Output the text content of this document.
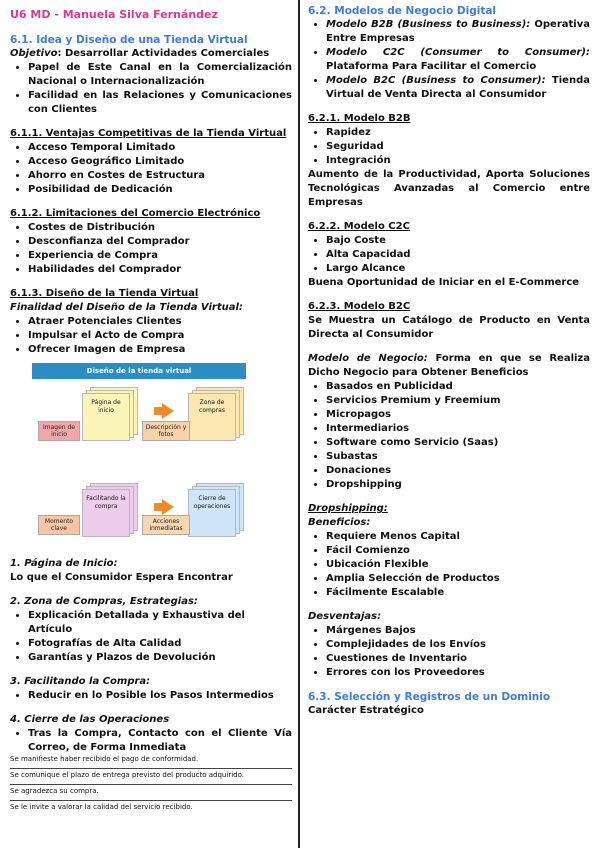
U6 MD - Manuela Silva Fernández

6.1. Idea y Diseño de una Tienda Virtual

Objetivo: Desarrollar Actividades Comerciales

• Papel de Este Canal en la Comercialización Nacional o Internacionalización
• Facilidad en las Relaciones y Comunicaciones con Clientes

6.1.1. Ventajas Competitivas de la Tienda Virtual

• Acceso Temporal Limitado
• Acceso Geográfico Limitado
• Ahorro en Costes de Estructura
• Posibilidad de Dedicación

6.1.2. Limitaciones del Comercio Electrónico

• Costes de Distribución
• Desconfianza del Comprador
• Experiencia de Compra
• Habilidades del Comprador

6.1.3. Diseño de la Tienda Virtual

Finalidad del Diseño de la Tienda Virtual:

• Atraer Potenciales Clientes
• Impulsar el Acto de Compra
• Ofrecer Imagen de Empresa
Diseño de la tienda virtual
Página de inicio
Imagen de inicio
Zona de compras
Descripción y fotos
Facilitando la compra
Momento clave
Cierre de operaciones
Acciones inmediatas

1. Página de Inicio:

Lo que el Consumidor Espera Encontrar

2. Zona de Compras, Estrategias:

• Explicación Detallada y Exhaustiva del Artículo
• Fotografías de Alta Calidad
• Garantías y Plazos de Devolución

3. Facilitando la Compra:

• Reducir en lo Posible los Pasos Intermedios

4. Cierre de las Operaciones

• Tras la Compra, Contacto con el Cliente Vía Correo, de Forma Inmediata

Se manifieste haber recibido el pago de conformidad.

Se comunique el plazo de entrega previsto del producto adquirido.

Se agradezca su compra.

Se le invite a valorar la calidad del servicio recibido.

6.2. Modelos de Negocio Digital

• Modelo B2B (Business to Business): Operativa Entre Empresas
• Modelo C2C (Consumer to Consumer): Plataforma Para Facilitar el Comercio
• Modelo B2C (Business to Consumer): Tienda Virtual de Venta Directa al Consumidor

6.2.1. Modelo B2B

• Rapidez
• Seguridad
• Integración

Aumento de la Productividad, Aporta Soluciones Tecnológicas Avanzadas al Comercio entre Empresas

6.2.2. Modelo C2C

• Bajo Coste
• Alta Capacidad
• Largo Alcance

Buena Oportunidad de Iniciar en el E-Commerce

6.2.3. Modelo B2C

Se Muestra un Catálogo de Producto en Venta Directa al Consumidor

Modelo de Negocio: Forma en que se Realiza Dicho Negocio para Obtener Beneficios

• Basados en Publicidad
• Servicios Premium y Freemium
• Micropagos
• Intermediarios
• Software como Servicio (Saas)
• Subastas
• Donaciones
• Dropshipping

Dropshipping:

Beneficios:

• Requiere Menos Capital
• Fácil Comienzo
• Ubicación Flexible
• Amplia Selección de Productos
• Fácilmente Escalable

Desventajas:

• Márgenes Bajos
• Complejidades de los Envíos
• Cuestiones de Inventario
• Errores con los Proveedores

6.3. Selección y Registros de un Dominio

Carácter Estratégico
